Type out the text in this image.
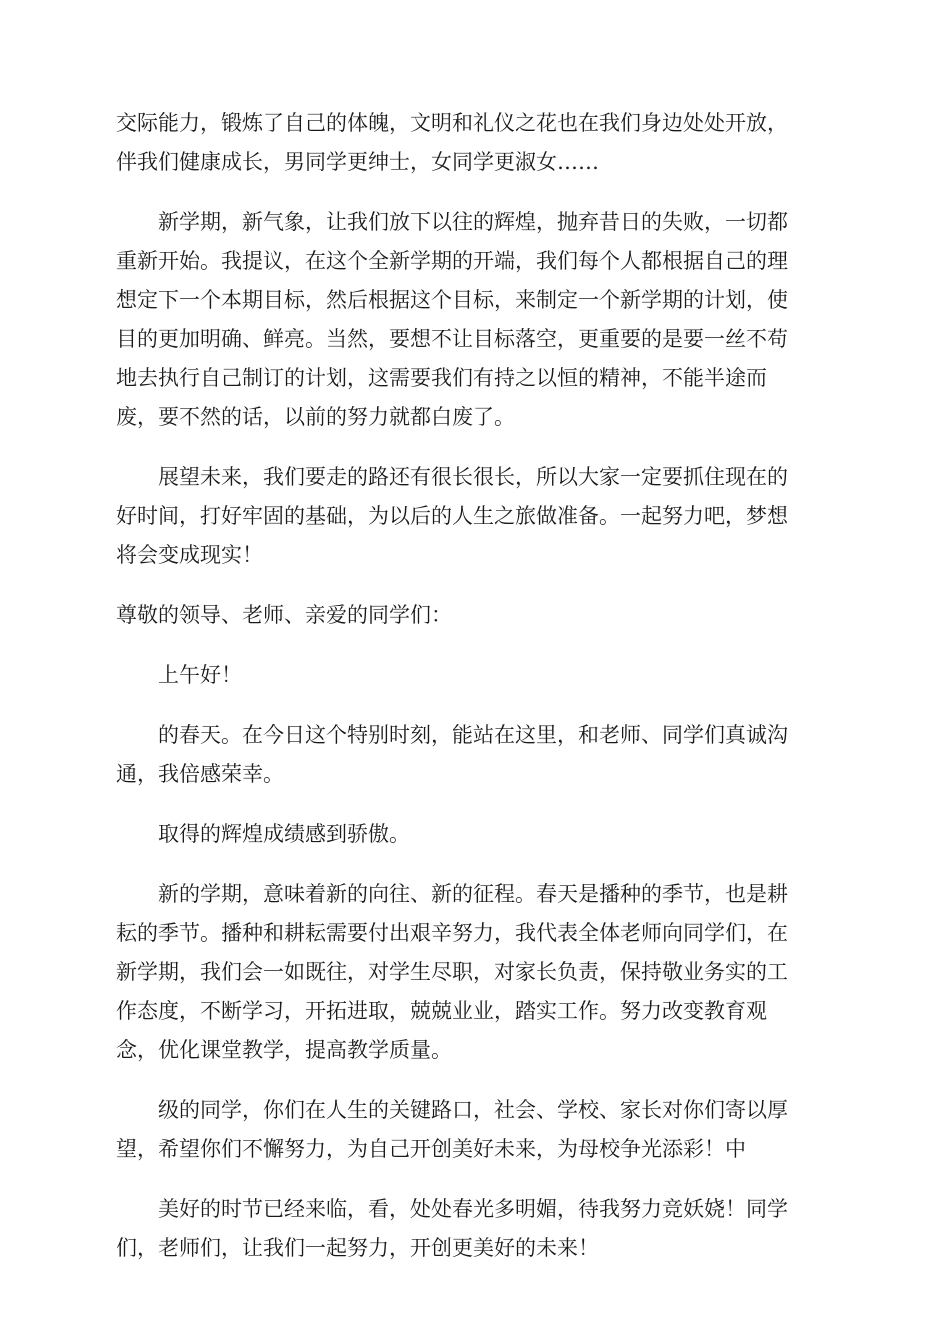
交际能力，锻炼了自己的体魄，文明和礼仪之花也在我们身边处处开放，
伴我们健康成长，男同学更绅士，女同学更淑女……

新学期，新气象，让我们放下以往的辉煌，抛弃昔日的失败，一切都
重新开始。我提议，在这个全新学期的开端，我们每个人都根据自己的理
想定下一个本期目标，然后根据这个目标，来制定一个新学期的计划，使
目的更加明确、鲜亮。当然，要想不让目标落空，更重要的是要一丝不苟
地去执行自己制订的计划，这需要我们有持之以恒的精神，不能半途而
废，要不然的话，以前的努力就都白废了。

展望未来，我们要走的路还有很长很长，所以大家一定要抓住现在的
好时间，打好牢固的基础，为以后的人生之旅做准备。一起努力吧，梦想
将会变成现实！

尊敬的领导、老师、亲爱的同学们：

上午好！

的春天。在今日这个特别时刻，能站在这里，和老师、同学们真诚沟
通，我倍感荣幸。

取得的辉煌成绩感到骄傲。

新的学期，意味着新的向往、新的征程。春天是播种的季节，也是耕
耘的季节。播种和耕耘需要付出艰辛努力，我代表全体老师向同学们，在
新学期，我们会一如既往，对学生尽职，对家长负责，保持敬业务实的工
作态度，不断学习，开拓进取，兢兢业业，踏实工作。努力改变教育观
念，优化课堂教学，提高教学质量。

级的同学，你们在人生的关键路口，社会、学校、家长对你们寄以厚
望，希望你们不懈努力，为自己开创美好未来，为母校争光添彩！中

美好的时节已经来临，看，处处春光多明媚，待我努力竞妖娆！同学
们，老师们，让我们一起努力，开创更美好的未来！
